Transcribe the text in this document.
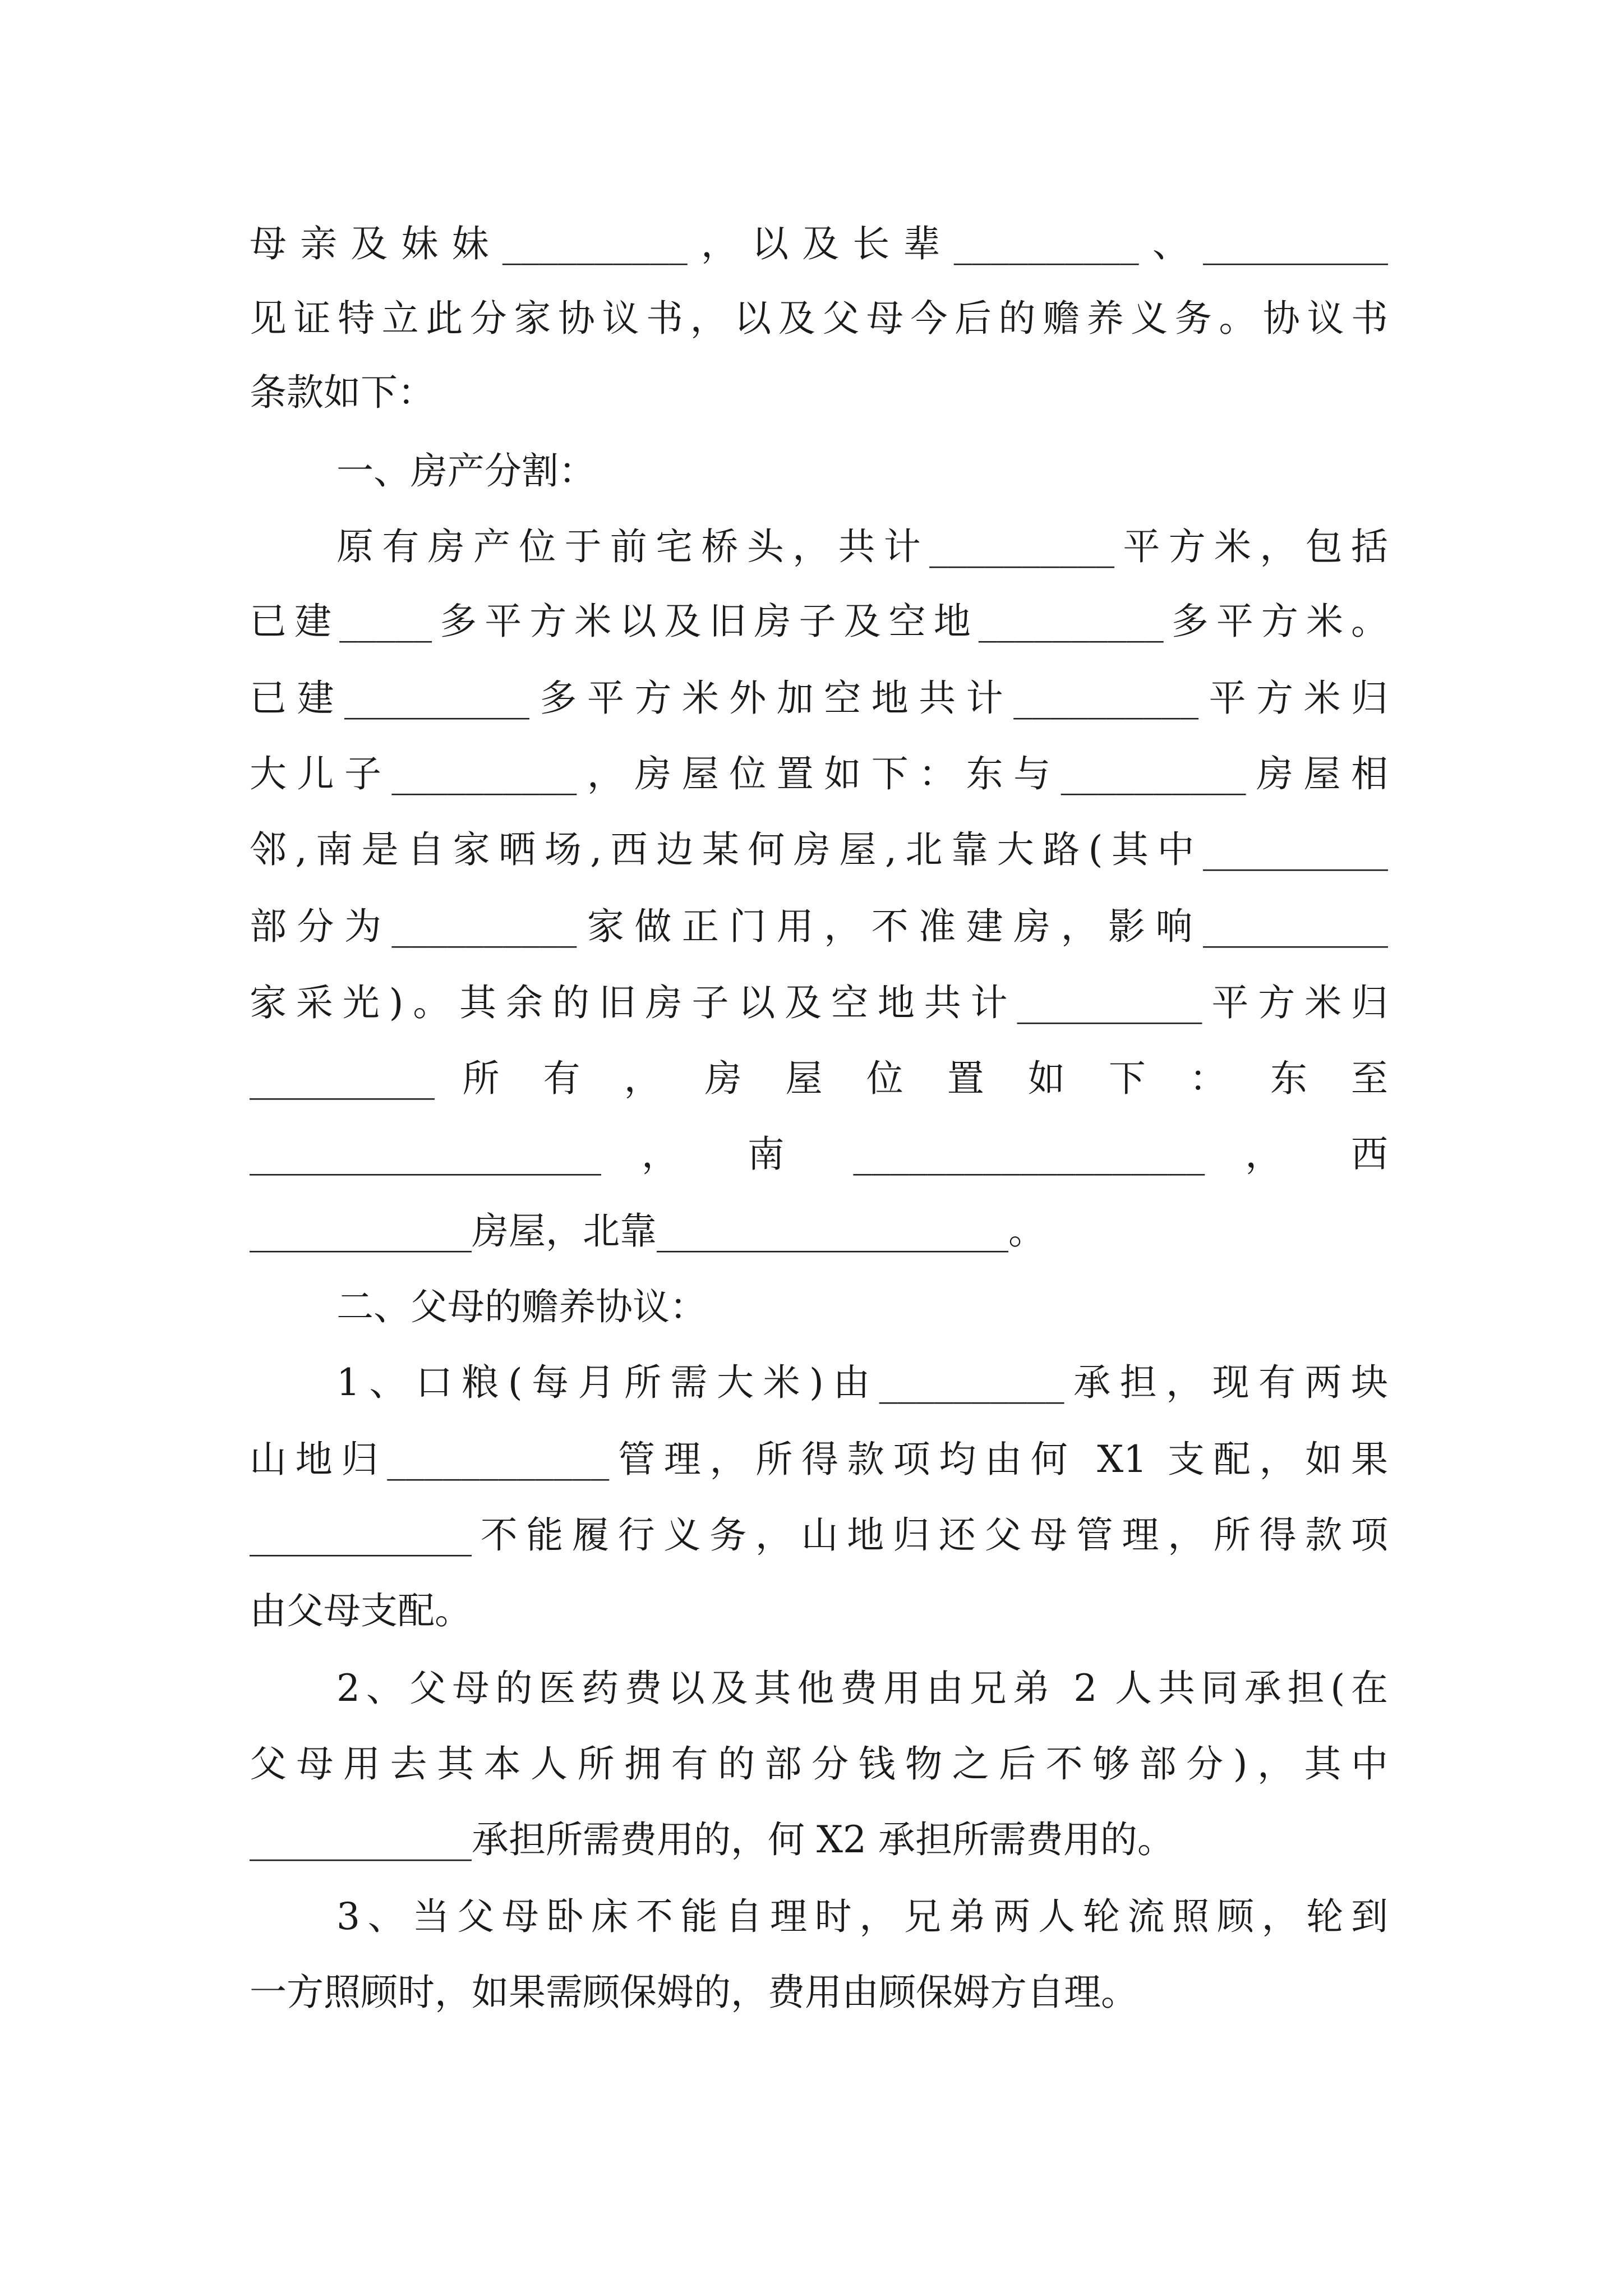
母亲及妹妹__________，以及长辈__________、__________
见证特立此分家协议书，以及父母今后的赡养义务。协议书
条款如下：
一、房产分割：
原有房产位于前宅桥头，共计__________平方米，包括
已建_____多平方米以及旧房子及空地__________多平方米。
已建__________多平方米外加空地共计__________平方米归
大儿子__________，房屋位置如下：东与__________房屋相
邻,南是自家晒场,西边某何房屋,北靠大路(其中__________
部分为__________家做正门用，不准建房，影响__________
家采光)。其余的旧房子以及空地共计__________平方米归
__________ 所 有 ， 房 屋 位 置 如 下 ： 东 至
___________________ ， 南 ___________________ ， 西
____________房屋，北靠___________________。
二、父母的赡养协议：
1、口粮(每月所需大米)由__________承担，现有两块
山地归____________管理，所得款项均由何 X1 支配，如果
____________不能履行义务，山地归还父母管理，所得款项
由父母支配。
2、父母的医药费以及其他费用由兄弟 2 人共同承担(在
父母用去其本人所拥有的部分钱物之后不够部分)，其中
____________承担所需费用的，何 X2 承担所需费用的。
3、当父母卧床不能自理时，兄弟两人轮流照顾，轮到
一方照顾时，如果需顾保姆的，费用由顾保姆方自理。
